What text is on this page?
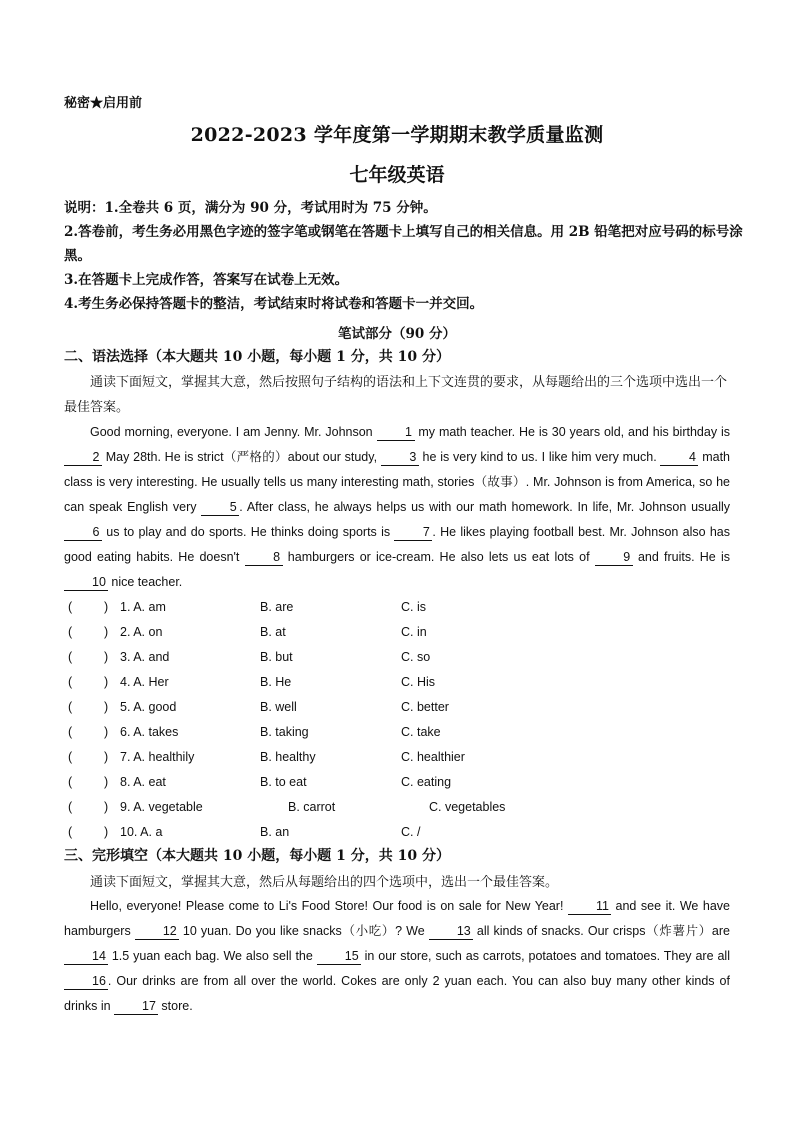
秘密★启用前
2022-2023 学年度第一学期期末教学质量监测
七年级英语
说明：1.全卷共 6 页，满分为 90 分，考试用时为 75 分钟。
2.答卷前，考生务必用黑色字迹的签字笔或钢笔在答题卡上填写自己的相关信息。用 2B 铅笔把对应号码的标号涂黑。
3.在答题卡上完成作答，答案写在试卷上无效。
4.考生务必保持答题卡的整洁，考试结束时将试卷和答题卡一并交回。
笔试部分（90 分）
二、语法选择（本大题共 10 小题，每小题 1 分，共 10 分）
通读下面短文，掌握其大意，然后按照句子结构的语法和上下文连贯的要求，从每题给出的三个选项中选出一个最佳答案。
Good morning, everyone. I am Jenny. Mr. Johnson 1 my math teacher. He is 30 years old, and his birthday is 2 May 28th. He is strict（严格的）about our study, 3 he is very kind to us. I like him very much. 4 math class is very interesting. He usually tells us many interesting math, stories（故事）. Mr. Johnson is from America, so he can speak English very 5 . After class, he always helps us with our math homework. In life, Mr. Johnson usually 6 us to play and do sports. He thinks doing sports is 7 . He likes playing football best. Mr. Johnson also has good eating habits. He doesn't 8 hamburgers or ice-cream. He also lets us eat lots of 9 and fruits. He is 10 nice teacher.
(	) 1. A. am	B. are	C. is
(	) 2. A. on	B. at	C. in
(	) 3. A. and	B. but	C. so
(	) 4. A. Her	B. He	C. His
(	) 5. A. good	B. well	C. better
(	) 6. A. takes	B. taking	C. take
(	) 7. A. healthily	B. healthy	C. healthier
(	) 8. A. eat	B. to eat	C. eating
(	) 9. A. vegetable	B. carrot	C. vegetables
(	) 10. A. a	B. an	C. /
三、完形填空（本大题共 10 小题，每小题 1 分，共 10 分）
通读下面短文，掌握其大意，然后从每题给出的四个选项中，选出一个最佳答案。
Hello, everyone! Please come to Li's Food Store! Our food is on sale for New Year! 11 and see it. We have hamburgers 12 10 yuan. Do you like snacks（小吃）? We 13 all kinds of snacks. Our crisps（炸薯片）are 14 1.5 yuan each bag. We also sell the 15 in our store, such as carrots, potatoes and tomatoes. They are all 16 . Our drinks are from all over the world. Cokes are only 2 yuan each. You can also buy many other kinds of drinks in 17 store.
